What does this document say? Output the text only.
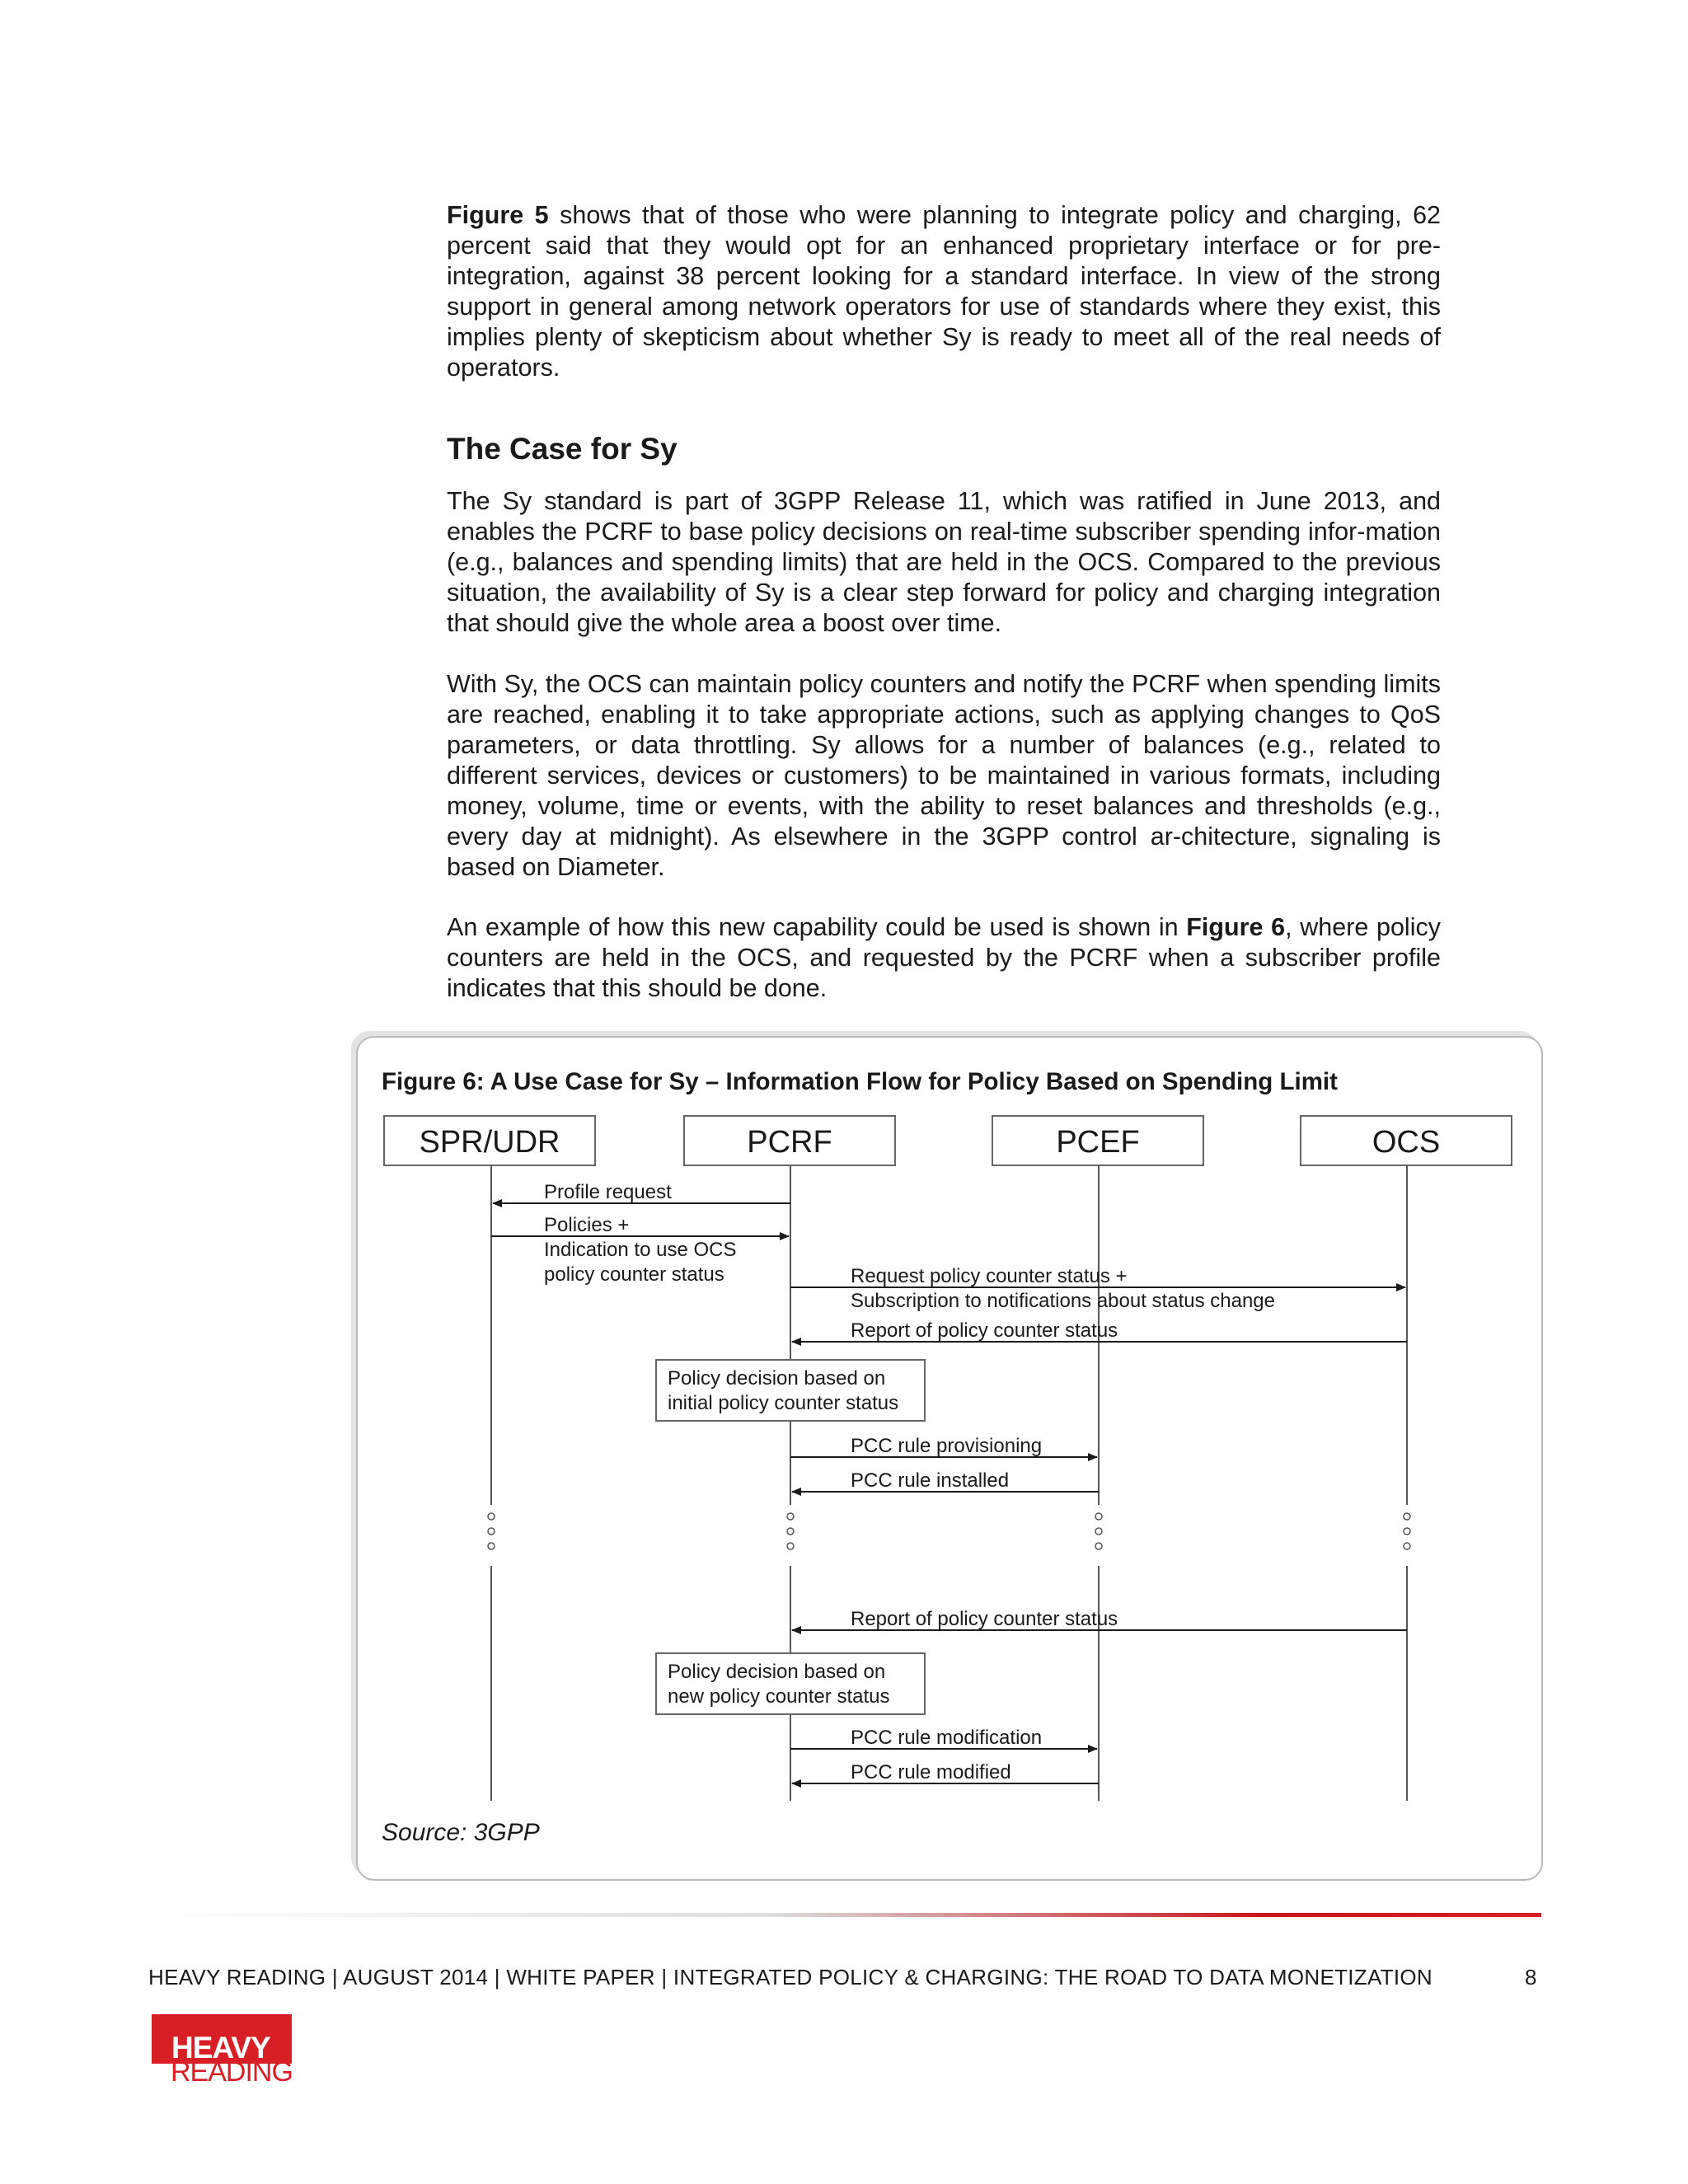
Figure 5 shows that of those who were planning to integrate policy and charging, 62 percent said that they would opt for an enhanced proprietary interface or for pre-integration, against 38 percent looking for a standard interface. In view of the strong support in general among network operators for use of standards where they exist, this implies plenty of skepticism about whether Sy is ready to meet all of the real needs of operators.

The Case for Sy

The Sy standard is part of 3GPP Release 11, which was ratified in June 2013, and enables the PCRF to base policy decisions on real-time subscriber spending infor-mation (e.g., balances and spending limits) that are held in the OCS. Compared to the previous situation, the availability of Sy is a clear step forward for policy and charging integration that should give the whole area a boost over time.

With Sy, the OCS can maintain policy counters and notify the PCRF when spending limits are reached, enabling it to take appropriate actions, such as applying changes to QoS parameters, or data throttling. Sy allows for a number of balances (e.g., related to different services, devices or customers) to be maintained in various formats, including money, volume, time or events, with the ability to reset balances and thresholds (e.g., every day at midnight). As elsewhere in the 3GPP control ar-chitecture, signaling is based on Diameter.

An example of how this new capability could be used is shown in Figure 6, where policy counters are held in the OCS, and requested by the PCRF when a subscriber profile indicates that this should be done.

Figure 6: A Use Case for Sy – Information Flow for Policy Based on Spending Limit

SPR/UDR	PCRF	PCEF	OCS
Profile request
Policies +
Indication to use OCS
policy counter status	Request policy counter status +
Subscription to notifications about status change
Report of policy counter status
Policy decision based on
initial policy counter status
PCC rule provisioning
PCC rule installed
Report of policy counter status
Policy decision based on
new policy counter status
PCC rule modification
PCC rule modified

Source: 3GPP

HEAVY READING | AUGUST 2014 | WHITE PAPER | INTEGRATED POLICY & CHARGING: THE ROAD TO DATA MONETIZATION	8
HEAVY
READING
